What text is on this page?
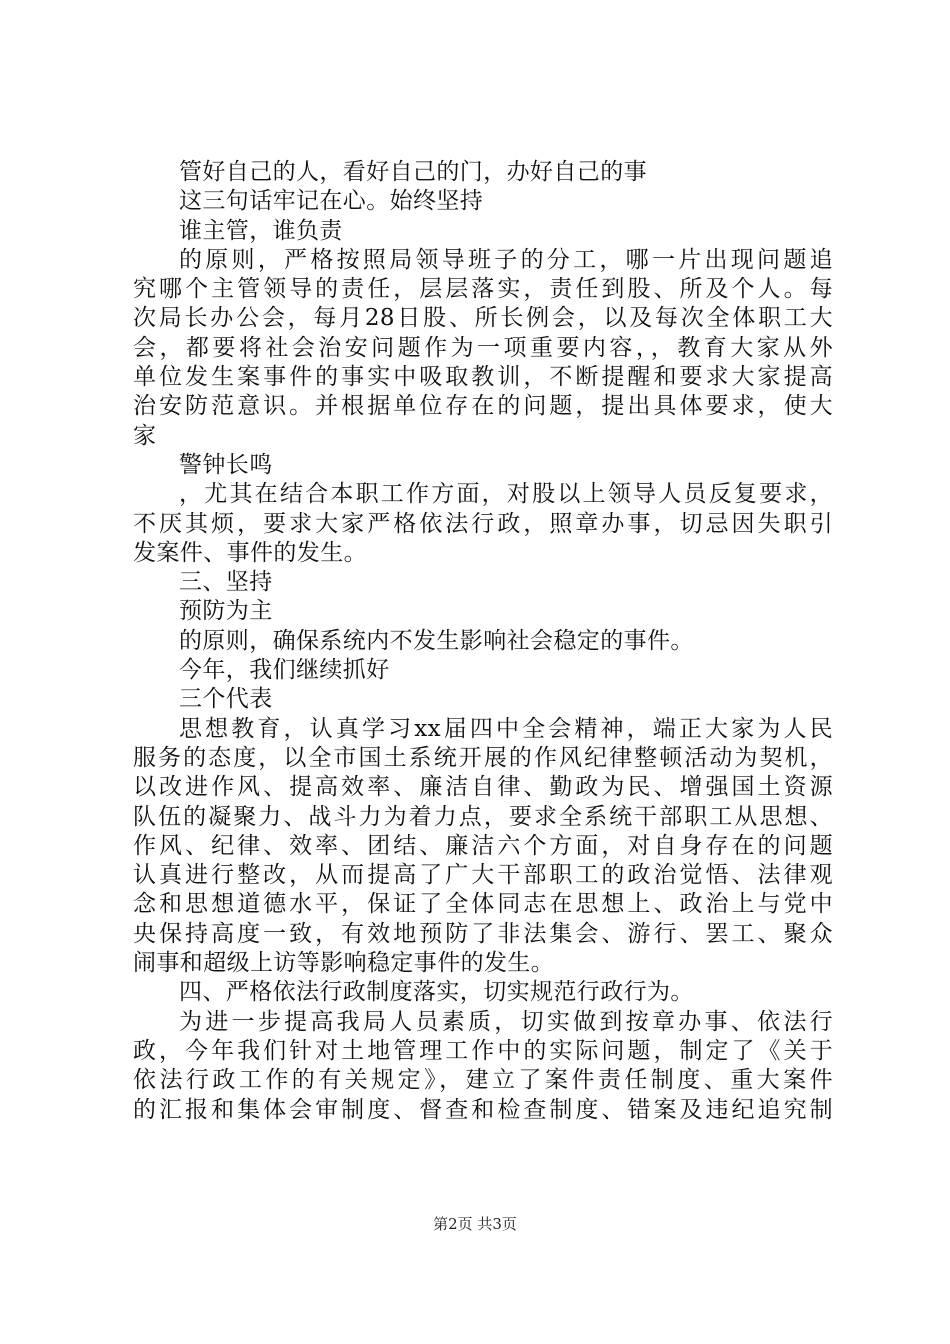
管好自己的人，看好自己的门，办好自己的事
这三句话牢记在心。始终坚持
谁主管，谁负责
的原则，严格按照局领导班子的分工，哪一片出现问题追
究哪个主管领导的责任，层层落实，责任到股、所及个人。每
次局长办公会，每月28日股、所长例会，以及每次全体职工大
会，都要将社会治安问题作为一项重要内容，，教育大家从外
单位发生案事件的事实中吸取教训，不断提醒和要求大家提高
治安防范意识。并根据单位存在的问题，提出具体要求，使大
家
警钟长鸣
，尤其在结合本职工作方面，对股以上领导人员反复要求，
不厌其烦，要求大家严格依法行政，照章办事，切忌因失职引
发案件、事件的发生。
三、坚持
预防为主
的原则，确保系统内不发生影响社会稳定的事件。
今年，我们继续抓好
三个代表
思想教育，认真学习xx届四中全会精神，端正大家为人民
服务的态度，以全市国土系统开展的作风纪律整顿活动为契机，
以改进作风、提高效率、廉洁自律、勤政为民、增强国土资源
队伍的凝聚力、战斗力为着力点，要求全系统干部职工从思想、
作风、纪律、效率、团结、廉洁六个方面，对自身存在的问题
认真进行整改，从而提高了广大干部职工的政治觉悟、法律观
念和思想道德水平，保证了全体同志在思想上、政治上与党中
央保持高度一致，有效地预防了非法集会、游行、罢工、聚众
闹事和超级上访等影响稳定事件的发生。
四、严格依法行政制度落实，切实规范行政行为。
为进一步提高我局人员素质，切实做到按章办事、依法行
政，今年我们针对土地管理工作中的实际问题，制定了《关于
依法行政工作的有关规定》，建立了案件责任制度、重大案件
的汇报和集体会审制度、督查和检查制度、错案及违纪追究制
第2页 共3页
